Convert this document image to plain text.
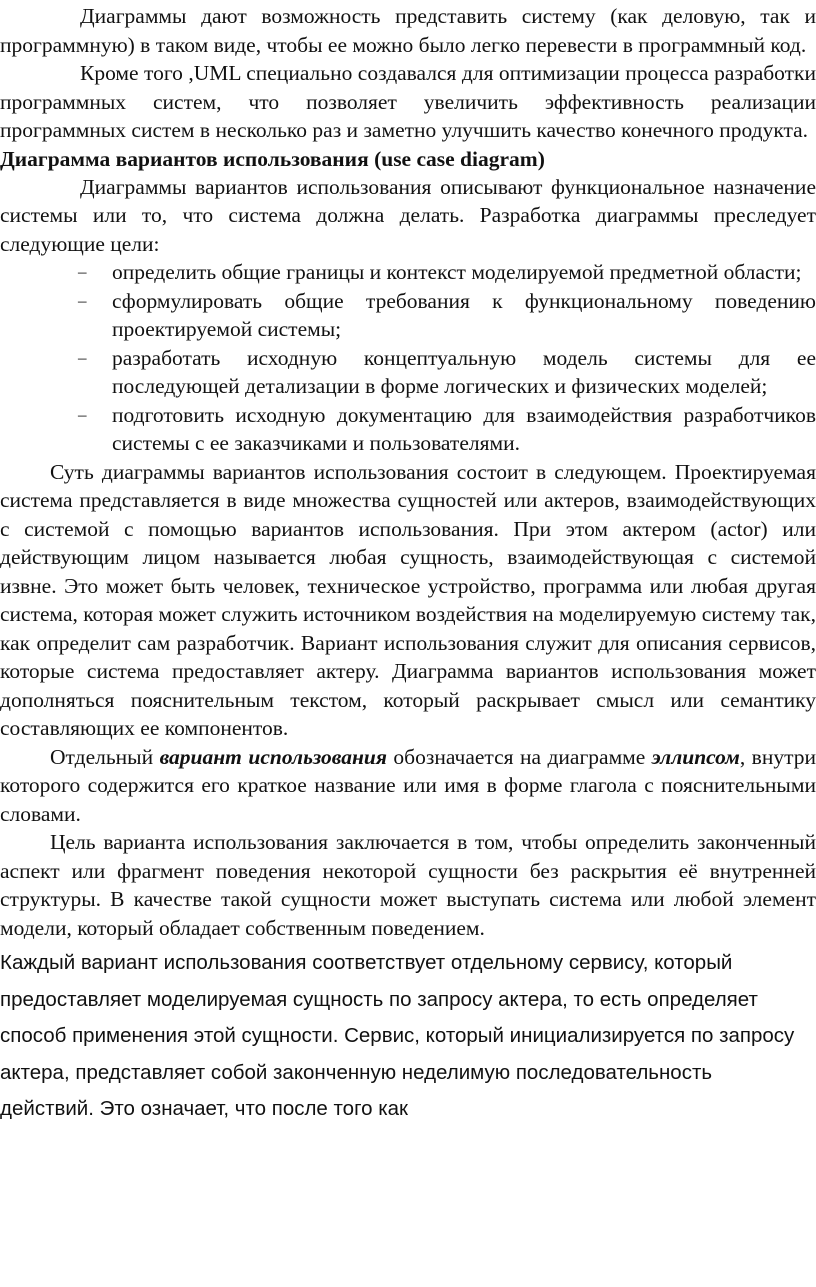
Диаграммы дают возможность представить систему (как деловую, так и программную) в таком виде, чтобы ее можно было легко перевести в программный код.

Кроме того ,UML специально создавался для оптимизации процесса разработки программных систем, что позволяет увеличить эффективность реализации программных систем в несколько раз и заметно улучшить качество конечного продукта.

Диаграмма вариантов использования (use case diagram)

Диаграммы вариантов использования описывают функциональное назначение системы или то, что система должна делать. Разработка диаграммы преследует следующие цели:

– определить общие границы и контекст моделируемой предметной области;
– сформулировать общие требования к функциональному поведению проектируемой системы;
– разработать исходную концептуальную модель системы для ее последующей детализации в форме логических и физических моделей;
– подготовить исходную документацию для взаимодействия разработчиков системы с ее заказчиками и пользователями.

Суть диаграммы вариантов использования состоит в следующем. Проектируемая система представляется в виде множества сущностей или актеров, взаимодействующих с системой с помощью вариантов использования. При этом актером (actor) или действующим лицом называется любая сущность, взаимодействующая с системой извне. Это может быть человек, техническое устройство, программа или любая другая система, которая может служить источником воздействия на моделируемую систему так, как определит сам разработчик. Вариант использования служит для описания сервисов, которые система предоставляет актеру. Диаграмма вариантов использования может дополняться пояснительным текстом, который раскрывает смысл или семантику составляющих ее компонентов.

Отдельный вариант использования обозначается на диаграмме эллипсом, внутри которого содержится его краткое название или имя в форме глагола с пояснительными словами.

Цель варианта использования заключается в том, чтобы определить законченный аспект или фрагмент поведения некоторой сущности без раскрытия её внутренней структуры. В качестве такой сущности может выступать система или любой элемент модели, который обладает собственным поведением.

Каждый вариант использования соответствует отдельному сервису, который предоставляет моделируемая сущность по запросу актера, то есть определяет способ применения этой сущности. Сервис, который инициализируется по запросу актера, представляет собой законченную неделимую последовательность действий. Это означает, что после того как
